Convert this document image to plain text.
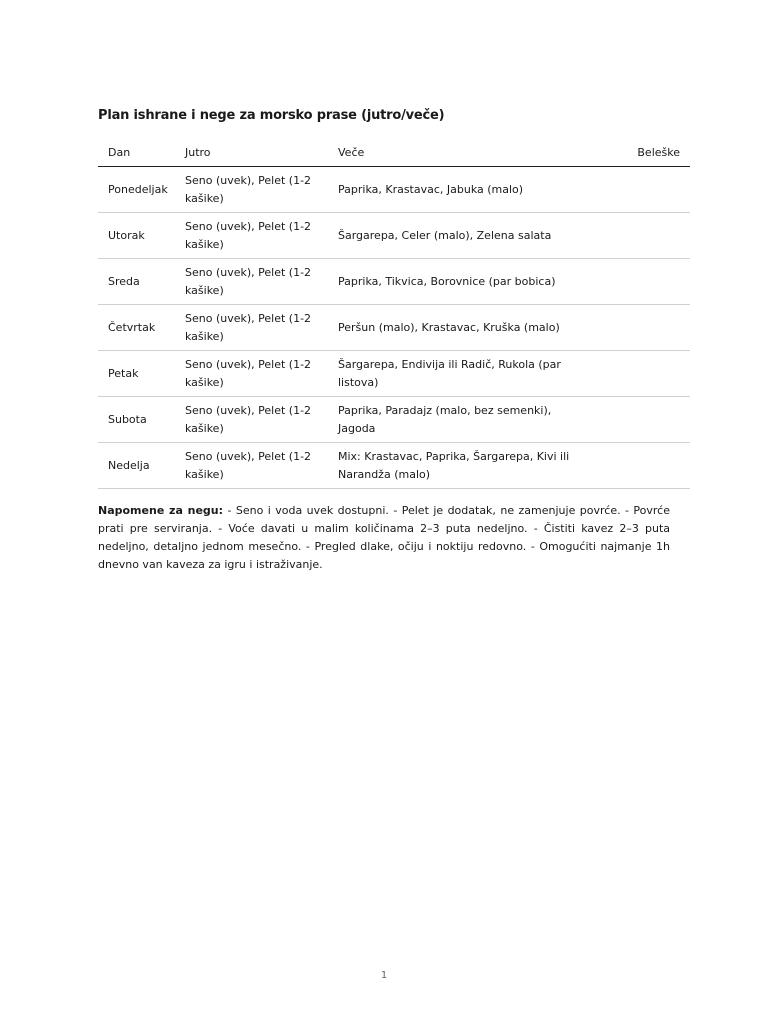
Plan ishrane i nege za morsko prase (jutro/veče)
Dan	Jutro	Veče	Beleške
Ponedeljak	Seno (uvek), Pelet (1-2 kašike)	Paprika, Krastavac, Jabuka (malo)	
Utorak	Seno (uvek), Pelet (1-2 kašike)	Šargarepa, Celer (malo), Zelena salata	
Sreda	Seno (uvek), Pelet (1-2 kašike)	Paprika, Tikvica, Borovnice (par bobica)	
Četvrtak	Seno (uvek), Pelet (1-2 kašike)	Peršun (malo), Krastavac, Kruška (malo)	
Petak	Seno (uvek), Pelet (1-2 kašike)	Šargarepa, Endivija ili Radič, Rukola (par listova)	
Subota	Seno (uvek), Pelet (1-2 kašike)	Paprika, Paradajz (malo, bez semenki), Jagoda	
Nedelja	Seno (uvek), Pelet (1-2 kašike)	Mix: Krastavac, Paprika, Šargarepa, Kivi ili Narandža (malo)	
Napomene za negu: - Seno i voda uvek dostupni. - Pelet je dodatak, ne zamenjuje povrće. - Povrće prati pre serviranja. - Voće davati u malim količinama 2–3 puta nedeljno. - Čistiti kavez 2–3 puta nedeljno, detaljno jednom mesečno. - Pregled dlake, očiju i noktiju redovno. - Omogućiti najmanje 1h dnevno van kaveza za igru i istraživanje.
1
